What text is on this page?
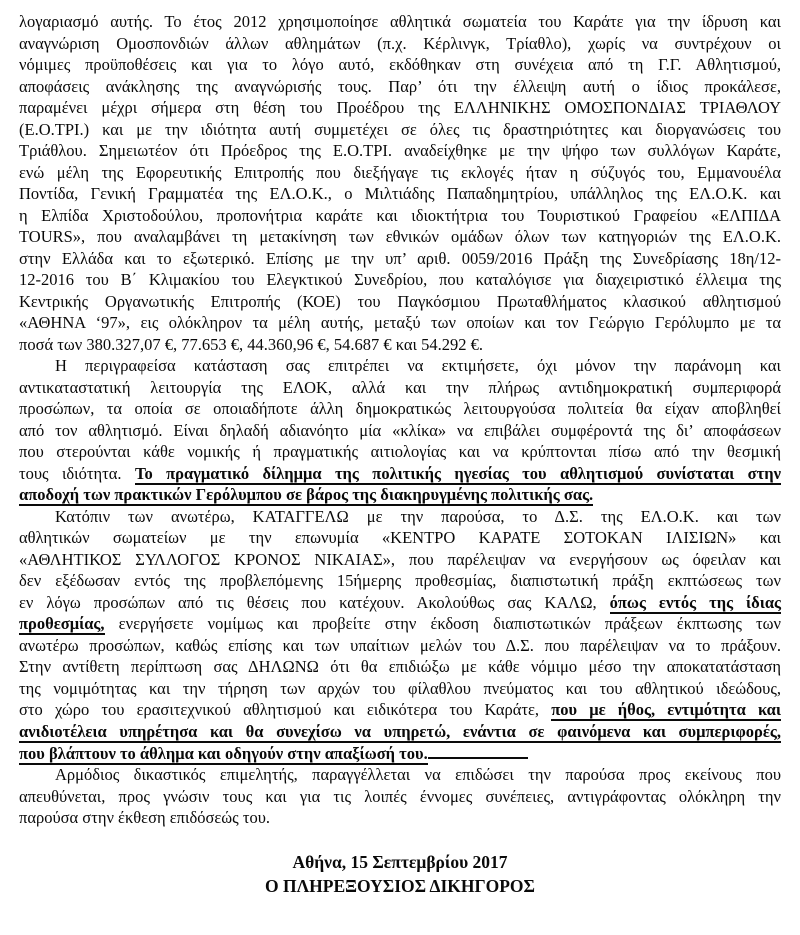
λογαριασμό αυτής. Το έτος 2012 χρησιμοποίησε αθλητικά σωματεία του Καράτε για την ίδρυση και
αναγνώριση Ομοσπονδιών άλλων αθλημάτων (π.χ. Κέρλινγκ, Τρίαθλο), χωρίς να συντρέχουν οι
νόμιμες προϋποθέσεις και για το λόγο αυτό, εκδόθηκαν στη συνέχεια από τη Γ.Γ. Αθλητισμού,
αποφάσεις ανάκλησης της αναγνώρισής τους. Παρ’ ότι την έλλειψη αυτή ο ίδιος προκάλεσε,
παραμένει μέχρι σήμερα στη θέση του Προέδρου της ΕΛΛΗΝΙΚΗΣ ΟΜΟΣΠΟΝΔΙΑΣ ΤΡΙΑΘΛΟΥ
(Ε.Ο.ΤΡΙ.) και με την ιδιότητα αυτή συμμετέχει σε όλες τις δραστηριότητες και διοργανώσεις του
Τριάθλου. Σημειωτέον ότι Πρόεδρος της Ε.Ο.ΤΡΙ. αναδείχθηκε με την ψήφο των συλλόγων Καράτε,
ενώ μέλη της Εφορευτικής Επιτροπής που διεξήγαγε τις εκλογές ήταν η σύζυγός του, Εμμανουέλα
Ποντίδα, Γενική Γραμματέα της ΕΛ.Ο.Κ., ο Μιλτιάδης Παπαδημητρίου, υπάλληλος της ΕΛ.Ο.Κ. και
η Ελπίδα Χριστοδούλου, προπονήτρια καράτε και ιδιοκτήτρια του Τουριστικού Γραφείου «ΕΛΠΙΔΑ
TOURS», που αναλαμβάνει τη μετακίνηση των εθνικών ομάδων όλων των κατηγοριών της ΕΛ.Ο.Κ.
στην Ελλάδα και το εξωτερικό. Επίσης με την υπ’ αριθ. 0059/2016 Πράξη της Συνεδρίασης 18η/12-
12-2016 του Β΄ Κλιμακίου του Ελεγκτικού Συνεδρίου, που καταλόγισε για διαχειριστικό έλλειμα της
Κεντρικής Οργανωτικής Επιτροπής (ΚΟΕ) του Παγκόσμιου Πρωταθλήματος κλασικού αθλητισμού
«ΑΘΗΝΑ ‘97», εις ολόκληρον τα μέλη αυτής, μεταξύ των οποίων και τον Γεώργιο Γερόλυμπο με τα
ποσά των 380.327,07 €, 77.653 €, 44.360,96 €, 54.687 € και 54.292 €.
Η περιγραφείσα κατάσταση σας επιτρέπει να εκτιμήσετε, όχι μόνον την παράνομη και
αντικαταστατική λειτουργία της ΕΛΟΚ, αλλά και την πλήρως αντιδημοκρατική συμπεριφορά
προσώπων, τα οποία σε οποιαδήποτε άλλη δημοκρατικώς λειτουργούσα πολιτεία θα είχαν αποβληθεί
από τον αθλητισμό. Είναι δηλαδή αδιανόητο μία «κλίκα» να επιβάλει συμφέροντά της δι’ αποφάσεων
που στερούνται κάθε νομικής ή πραγματικής αιτιολογίας και να κρύπτονται πίσω από την θεσμική
τους ιδιότητα. Το πραγματικό δίλημμα της πολιτικής ηγεσίας του αθλητισμού συνίσταται στην
αποδοχή των πρακτικών Γερόλυμπου σε βάρος της διακηρυγμένης πολιτικής σας.
Κατόπιν των ανωτέρω, ΚΑΤΑΓΓΕΛΩ με την παρούσα, το Δ.Σ. της ΕΛ.Ο.Κ. και των
αθλητικών σωματείων με την επωνυμία «ΚΕΝΤΡΟ ΚΑΡΑΤΕ ΣΟΤΟΚΑΝ ΙΛΙΣΙΩΝ» και
«ΑΘΛΗΤΙΚΟΣ ΣΥΛΛΟΓΟΣ ΚΡΟΝΟΣ ΝΙΚΑΙΑΣ», που παρέλειψαν να ενεργήσουν ως όφειλαν και
δεν εξέδωσαν εντός της προβλεπόμενης 15ήμερης προθεσμίας, διαπιστωτική πράξη εκπτώσεως των
εν λόγω προσώπων από τις θέσεις που κατέχουν. Ακολούθως σας ΚΑΛΩ, όπως εντός της ίδιας
προθεσμίας, ενεργήσετε νομίμως και προβείτε στην έκδοση διαπιστωτικών πράξεων έκπτωσης των
ανωτέρω προσώπων, καθώς επίσης και των υπαίτιων μελών του Δ.Σ. που παρέλειψαν να το πράξουν.
Στην αντίθετη περίπτωση σας ΔΗΛΩΝΩ ότι θα επιδιώξω με κάθε νόμιμο μέσο την αποκατατάσταση
της νομιμότητας και την τήρηση των αρχών του φίλαθλου πνεύματος και του αθλητικού ιδεώδους,
στο χώρο του ερασιτεχνικού αθλητισμού και ειδικότερα του Καράτε, που με ήθος, εντιμότητα και
ανιδιοτέλεια υπηρέτησα και θα συνεχίσω να υπηρετώ, ενάντια σε φαινόμενα και συμπεριφορές,
που βλάπτουν το άθλημα και οδηγούν στην απαξίωσή του.
Αρμόδιος δικαστικός επιμελητής, παραγγέλλεται να επιδώσει την παρούσα προς εκείνους που
απευθύνεται, προς γνώσιν τους και για τις λοιπές έννομες συνέπειες, αντιγράφοντας ολόκληρη την
παρούσα στην έκθεση επιδόσεώς του.
Αθήνα, 15 Σεπτεμβρίου 2017
Ο ΠΛΗΡΕΞΟΥΣΙΟΣ ΔΙΚΗΓΟΡΟΣ
